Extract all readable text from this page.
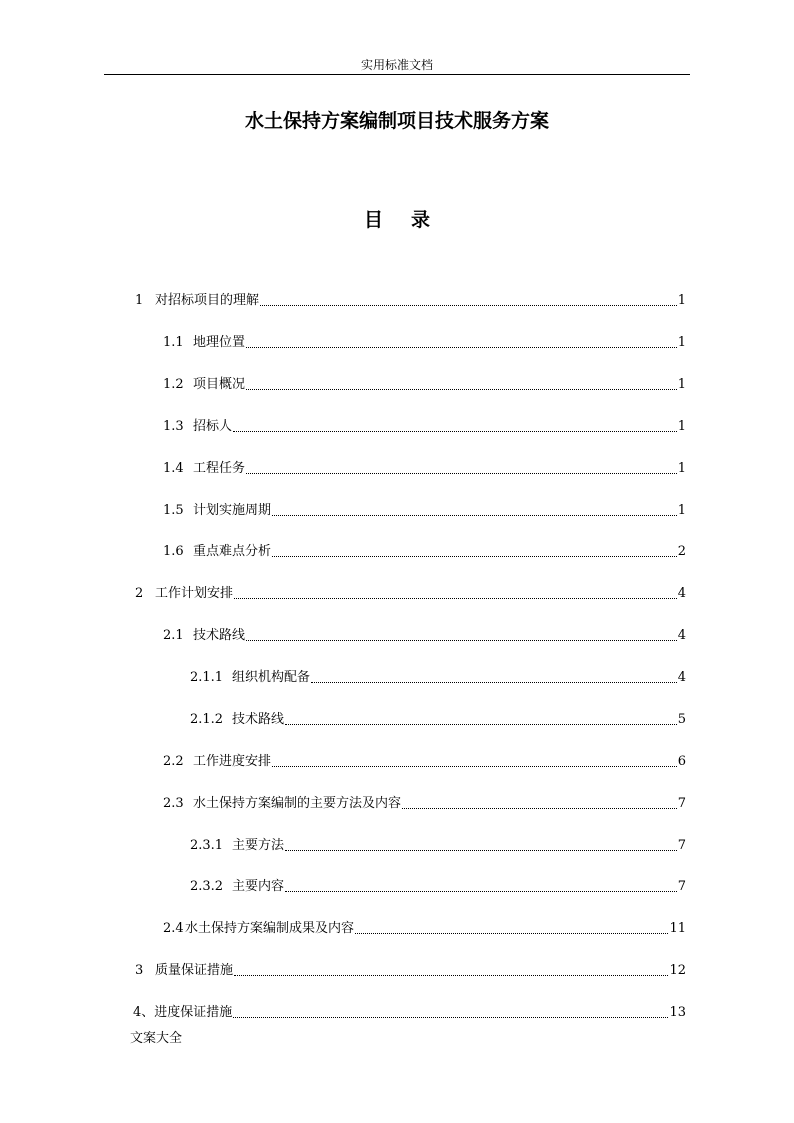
实用标准文档
水土保持方案编制项目技术服务方案
目 录
1 对招标项目的理解	1
1.1 地理位置	1
1.2 项目概况	1
1.3 招标人	1
1.4 工程任务	1
1.5 计划实施周期	1
1.6 重点难点分析	2
2 工作计划安排	4
2.1 技术路线	4
2.1.1 组织机构配备	4
2.1.2 技术路线	5
2.2 工作进度安排	6
2.3 水土保持方案编制的主要方法及内容	7
2.3.1 主要方法	7
2.3.2 主要内容	7
2.4 水土保持方案编制成果及内容	11
3 质量保证措施	12
4、 进度保证措施	13
文案大全
